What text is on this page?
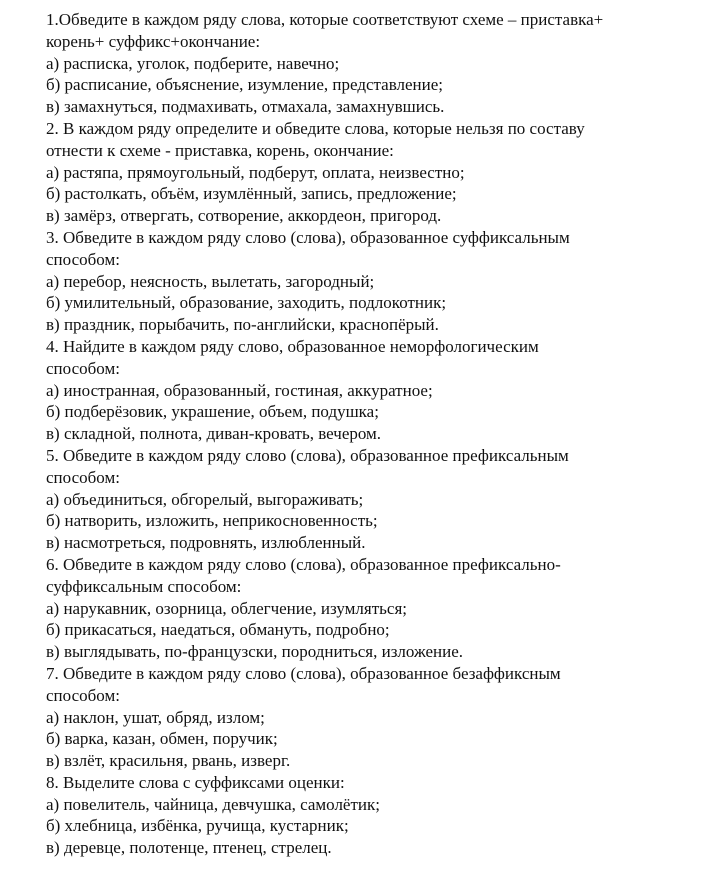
1.Обведите в каждом ряду слова, которые соответствуют схеме – приставка+
корень+ суффикс+окончание:
а) расписка, уголок, подберите, навечно;
б) расписание, объяснение, изумление, представление;
в) замахнуться, подмахивать, отмахала, замахнувшись.
2. В каждом ряду определите и обведите слова, которые нельзя по составу
отнести к схеме - приставка, корень, окончание:
а) растяпа, прямоугольный, подберут, оплата, неизвестно;
б) растолкать, объём, изумлённый, запись, предложение;
в) замёрз, отвергать, сотворение, аккордеон, пригород.
3. Обведите в каждом ряду слово (слова), образованное суффиксальным
способом:
а) перебор, неясность, вылетать, загородный;
б) умилительный, образование, заходить, подлокотник;
в) праздник, порыбачить, по-английски, краснопёрый.
4. Найдите в каждом ряду слово, образованное неморфологическим
способом:
а) иностранная, образованный, гостиная, аккуратное;
б) подберёзовик, украшение, объем, подушка;
в) складной, полнота, диван-кровать, вечером.
5. Обведите в каждом ряду слово (слова), образованное префиксальным
способом:
а) объединиться, обгорелый, выгораживать;
б) натворить, изложить, неприкосновенность;
в) насмотреться, подровнять, излюбленный.
6. Обведите в каждом ряду слово (слова), образованное префиксально-
суффиксальным способом:
а) нарукавник, озорница, облегчение, изумляться;
б) прикасаться, наедаться, обмануть, подробно;
в) выглядывать, по-французски, породниться, изложение.
7. Обведите в каждом ряду слово (слова), образованное безаффиксным
способом:
а) наклон, ушат, обряд, излом;
б) варка, казан, обмен, поручик;
в) взлёт, красильня, рвань, изверг.
8. Выделите слова с суффиксами оценки:
а) повелитель, чайница, девчушка, самолётик;
б) хлебница, избёнка, ручища, кустарник;
в) деревце, полотенце, птенец, стрелец.
